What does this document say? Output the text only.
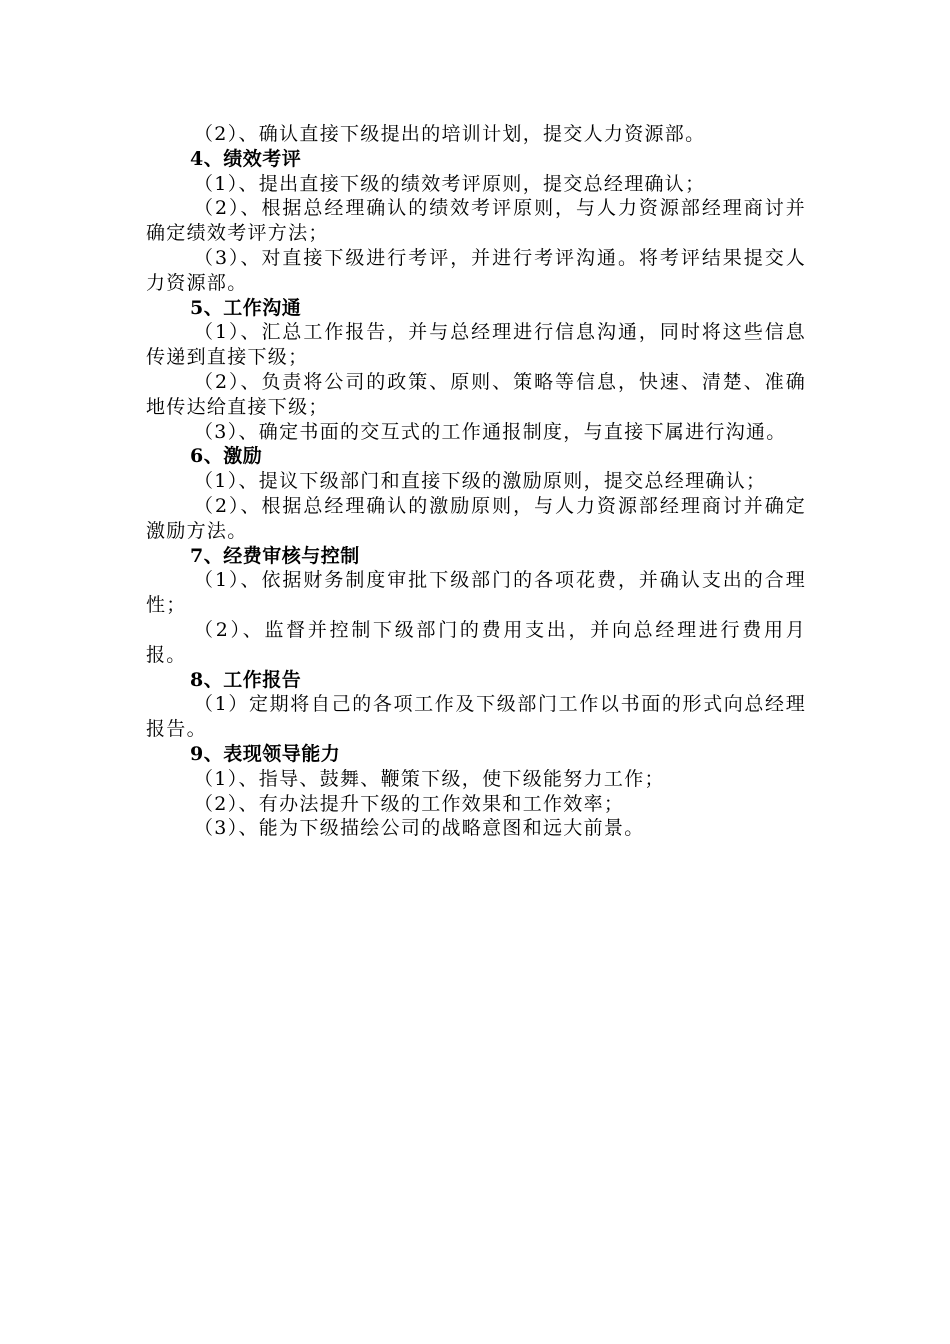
（2）、确认直接下级提出的培训计划，提交人力资源部。

4、绩效考评

（1）、提出直接下级的绩效考评原则，提交总经理确认；

（2）、根据总经理确认的绩效考评原则，与人力资源部经理商讨并确定绩效考评方法；

（3）、对直接下级进行考评，并进行考评沟通。将考评结果提交人力资源部。

5、工作沟通

（1）、汇总工作报告，并与总经理进行信息沟通，同时将这些信息传递到直接下级；

（2）、负责将公司的政策、原则、策略等信息，快速、清楚、准确地传达给直接下级；

（3）、确定书面的交互式的工作通报制度，与直接下属进行沟通。

6、激励

（1）、提议下级部门和直接下级的激励原则，提交总经理确认；

（2）、根据总经理确认的激励原则，与人力资源部经理商讨并确定激励方法。

7、经费审核与控制

（1）、依据财务制度审批下级部门的各项花费，并确认支出的合理性；

（2）、监督并控制下级部门的费用支出，并向总经理进行费用月报。

8、工作报告

（1）定期将自己的各项工作及下级部门工作以书面的形式向总经理报告。

9、表现领导能力

（1）、指导、鼓舞、鞭策下级，使下级能努力工作；

（2）、有办法提升下级的工作效果和工作效率；

（3）、能为下级描绘公司的战略意图和远大前景。
